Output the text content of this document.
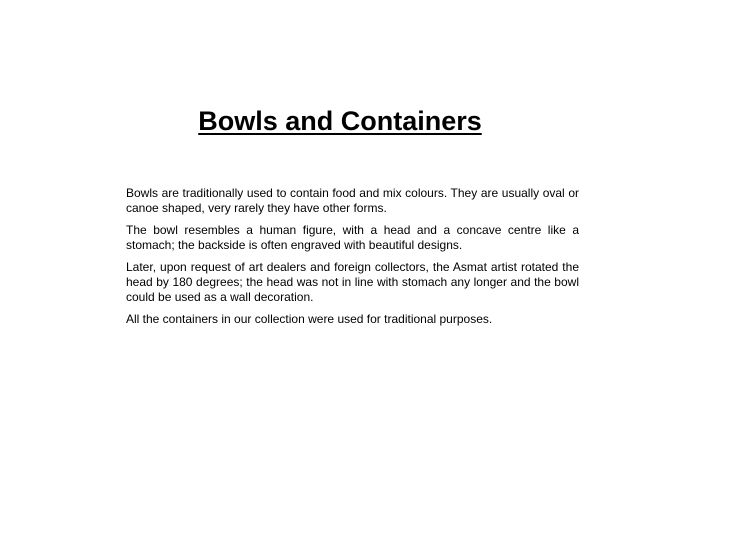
Bowls and Containers

Bowls are traditionally used to contain food and mix colours. They are usually oval or canoe shaped, very rarely they have other forms.

The bowl resembles a human figure, with a head and a concave centre like a stomach; the backside is often engraved with beautiful designs.

Later, upon request of art dealers and foreign collectors, the Asmat artist rotated the head by 180 degrees; the head was not in line with stomach any longer and the bowl could be used as a wall decoration.

All the containers in our collection were used for traditional purposes.
